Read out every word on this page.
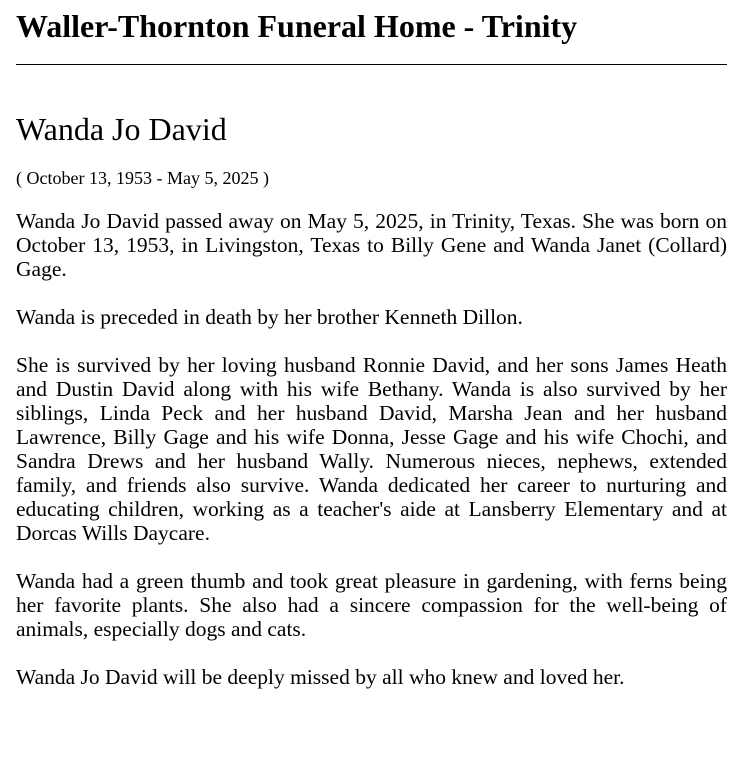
Waller-Thornton Funeral Home - Trinity
Wanda Jo David

( October 13, 1953 - May 5, 2025 )

Wanda Jo David passed away on May 5, 2025, in Trinity, Texas. She was born on October 13, 1953, in Livingston, Texas to Billy Gene and Wanda Janet (Collard) Gage.

Wanda is preceded in death by her brother Kenneth Dillon.

She is survived by her loving husband Ronnie David, and her sons James Heath and Dustin David along with his wife Bethany. Wanda is also survived by her siblings, Linda Peck and her husband David, Marsha Jean and her husband Lawrence, Billy Gage and his wife Donna, Jesse Gage and his wife Chochi, and Sandra Drews and her husband Wally. Numerous nieces, nephews, extended family, and friends also survive. Wanda dedicated her career to nurturing and educating children, working as a teacher's aide at Lansberry Elementary and at Dorcas Wills Daycare.

Wanda had a green thumb and took great pleasure in gardening, with ferns being her favorite plants. She also had a sincere compassion for the well-being of animals, especially dogs and cats.

Wanda Jo David will be deeply missed by all who knew and loved her.
